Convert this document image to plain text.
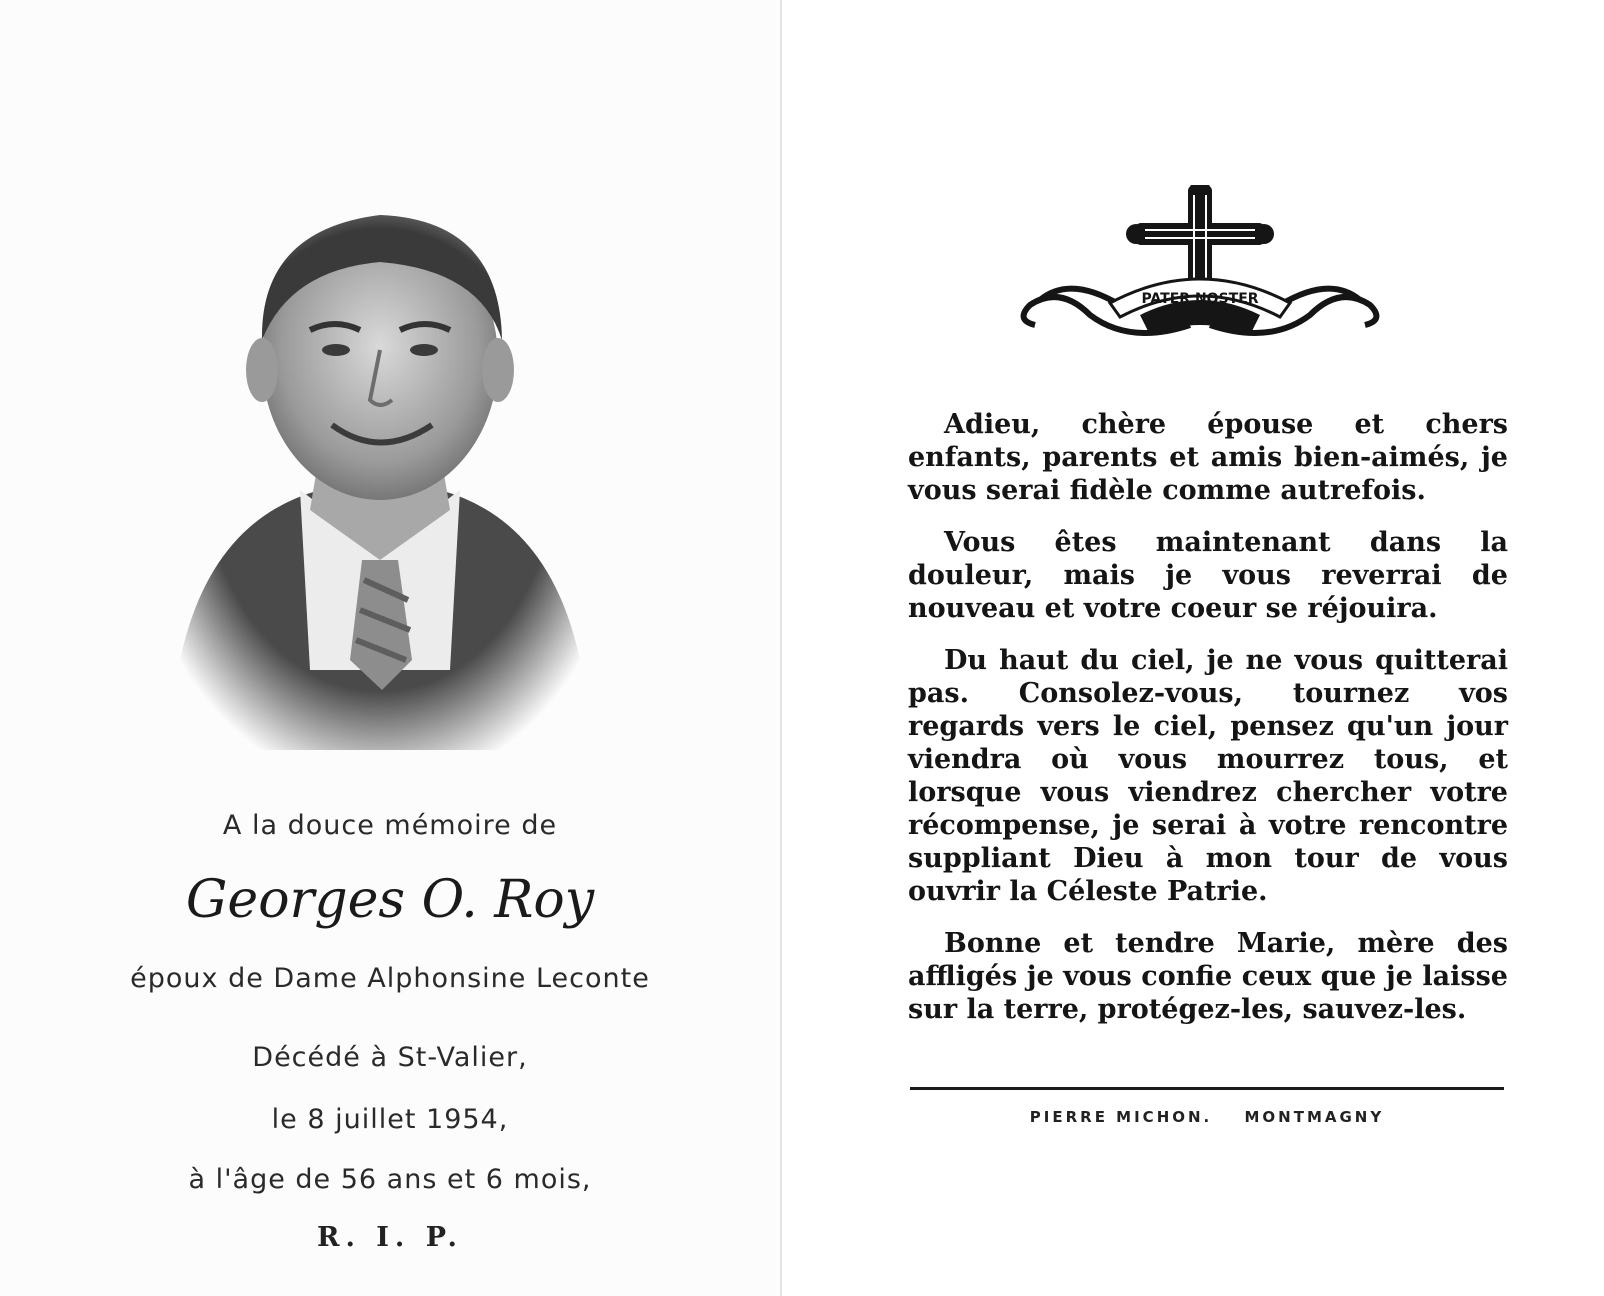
A la douce mémoire de
Georges O. Roy
époux de Dame Alphonsine Leconte
Décédé à St-Valier,
le 8 juillet 1954,
à l'âge de 56 ans et 6 mois,
R. I. P.
PATER NOSTER
Adieu, chère épouse et chers enfants, parents et amis bien-aimés, je vous serai fidèle comme autrefois.
Vous êtes maintenant dans la douleur, mais je vous reverrai de nouveau et votre coeur se réjouira.
Du haut du ciel, je ne vous quitterai pas. Consolez-vous, tournez vos regards vers le ciel, pensez qu'un jour viendra où vous mourrez tous, et lorsque vous viendrez chercher votre récompense, je serai à votre rencontre suppliant Dieu à mon tour de vous ouvrir la Céleste Patrie.
Bonne et tendre Marie, mère des affligés je vous confie ceux que je laisse sur la terre, protégez-les, sauvez-les.
PIERRE MICHON. MONTMAGNY
